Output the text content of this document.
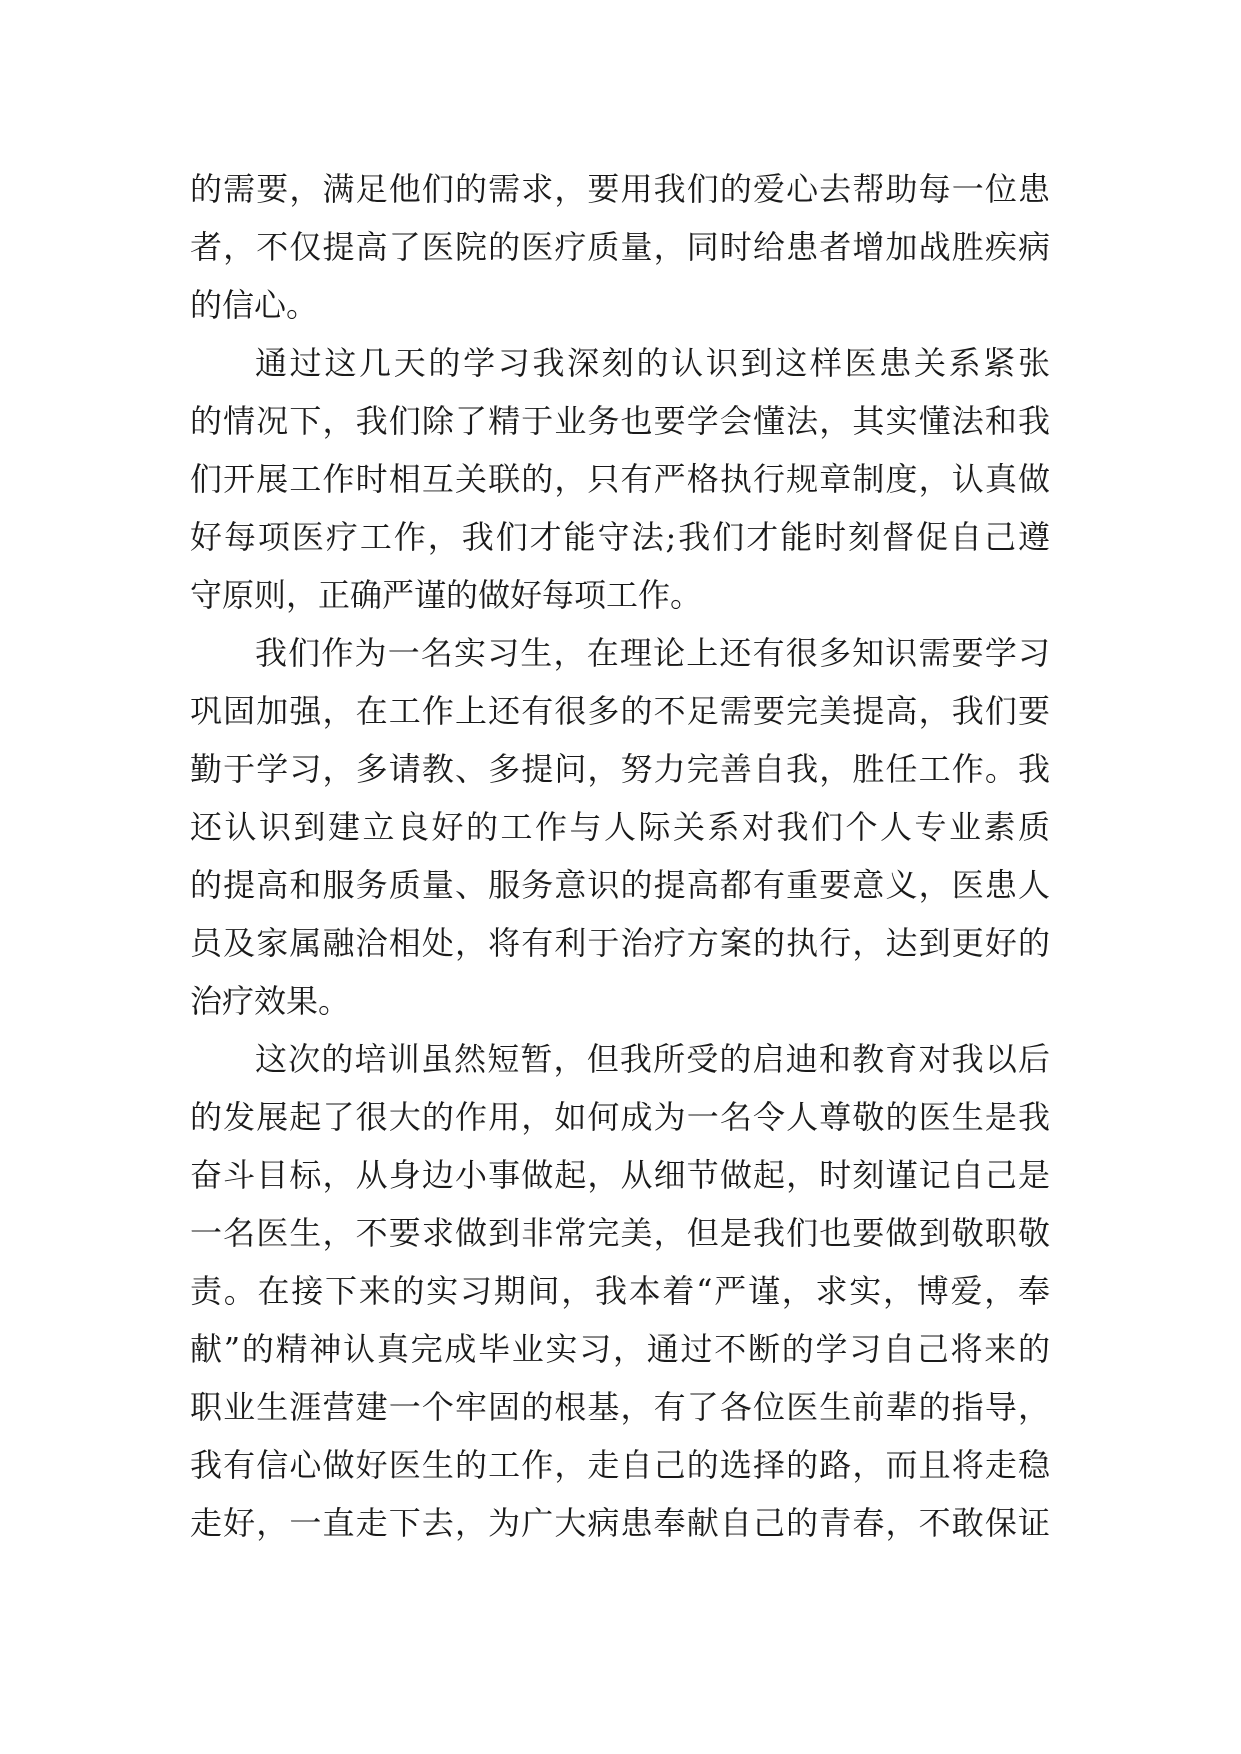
的需要，满足他们的需求，要用我们的爱心去帮助每一位患
者，不仅提高了医院的医疗质量，同时给患者增加战胜疾病
的信心。
通过这几天的学习我深刻的认识到这样医患关系紧张
的情况下，我们除了精于业务也要学会懂法，其实懂法和我
们开展工作时相互关联的，只有严格执行规章制度，认真做
好每项医疗工作，我们才能守法;我们才能时刻督促自己遵
守原则，正确严谨的做好每项工作。
我们作为一名实习生，在理论上还有很多知识需要学习
巩固加强，在工作上还有很多的不足需要完美提高，我们要
勤于学习，多请教、多提问，努力完善自我，胜任工作。我
还认识到建立良好的工作与人际关系对我们个人专业素质
的提高和服务质量、服务意识的提高都有重要意义，医患人
员及家属融洽相处，将有利于治疗方案的执行，达到更好的
治疗效果。
这次的培训虽然短暂，但我所受的启迪和教育对我以后
的发展起了很大的作用，如何成为一名令人尊敬的医生是我
奋斗目标，从身边小事做起，从细节做起，时刻谨记自己是
一名医生，不要求做到非常完美，但是我们也要做到敬职敬
责。在接下来的实习期间，我本着“严谨，求实，博爱，奉
献”的精神认真完成毕业实习，通过不断的学习自己将来的
职业生涯营建一个牢固的根基，有了各位医生前辈的指导，
我有信心做好医生的工作，走自己的选择的路，而且将走稳
走好，一直走下去，为广大病患奉献自己的青春，不敢保证
